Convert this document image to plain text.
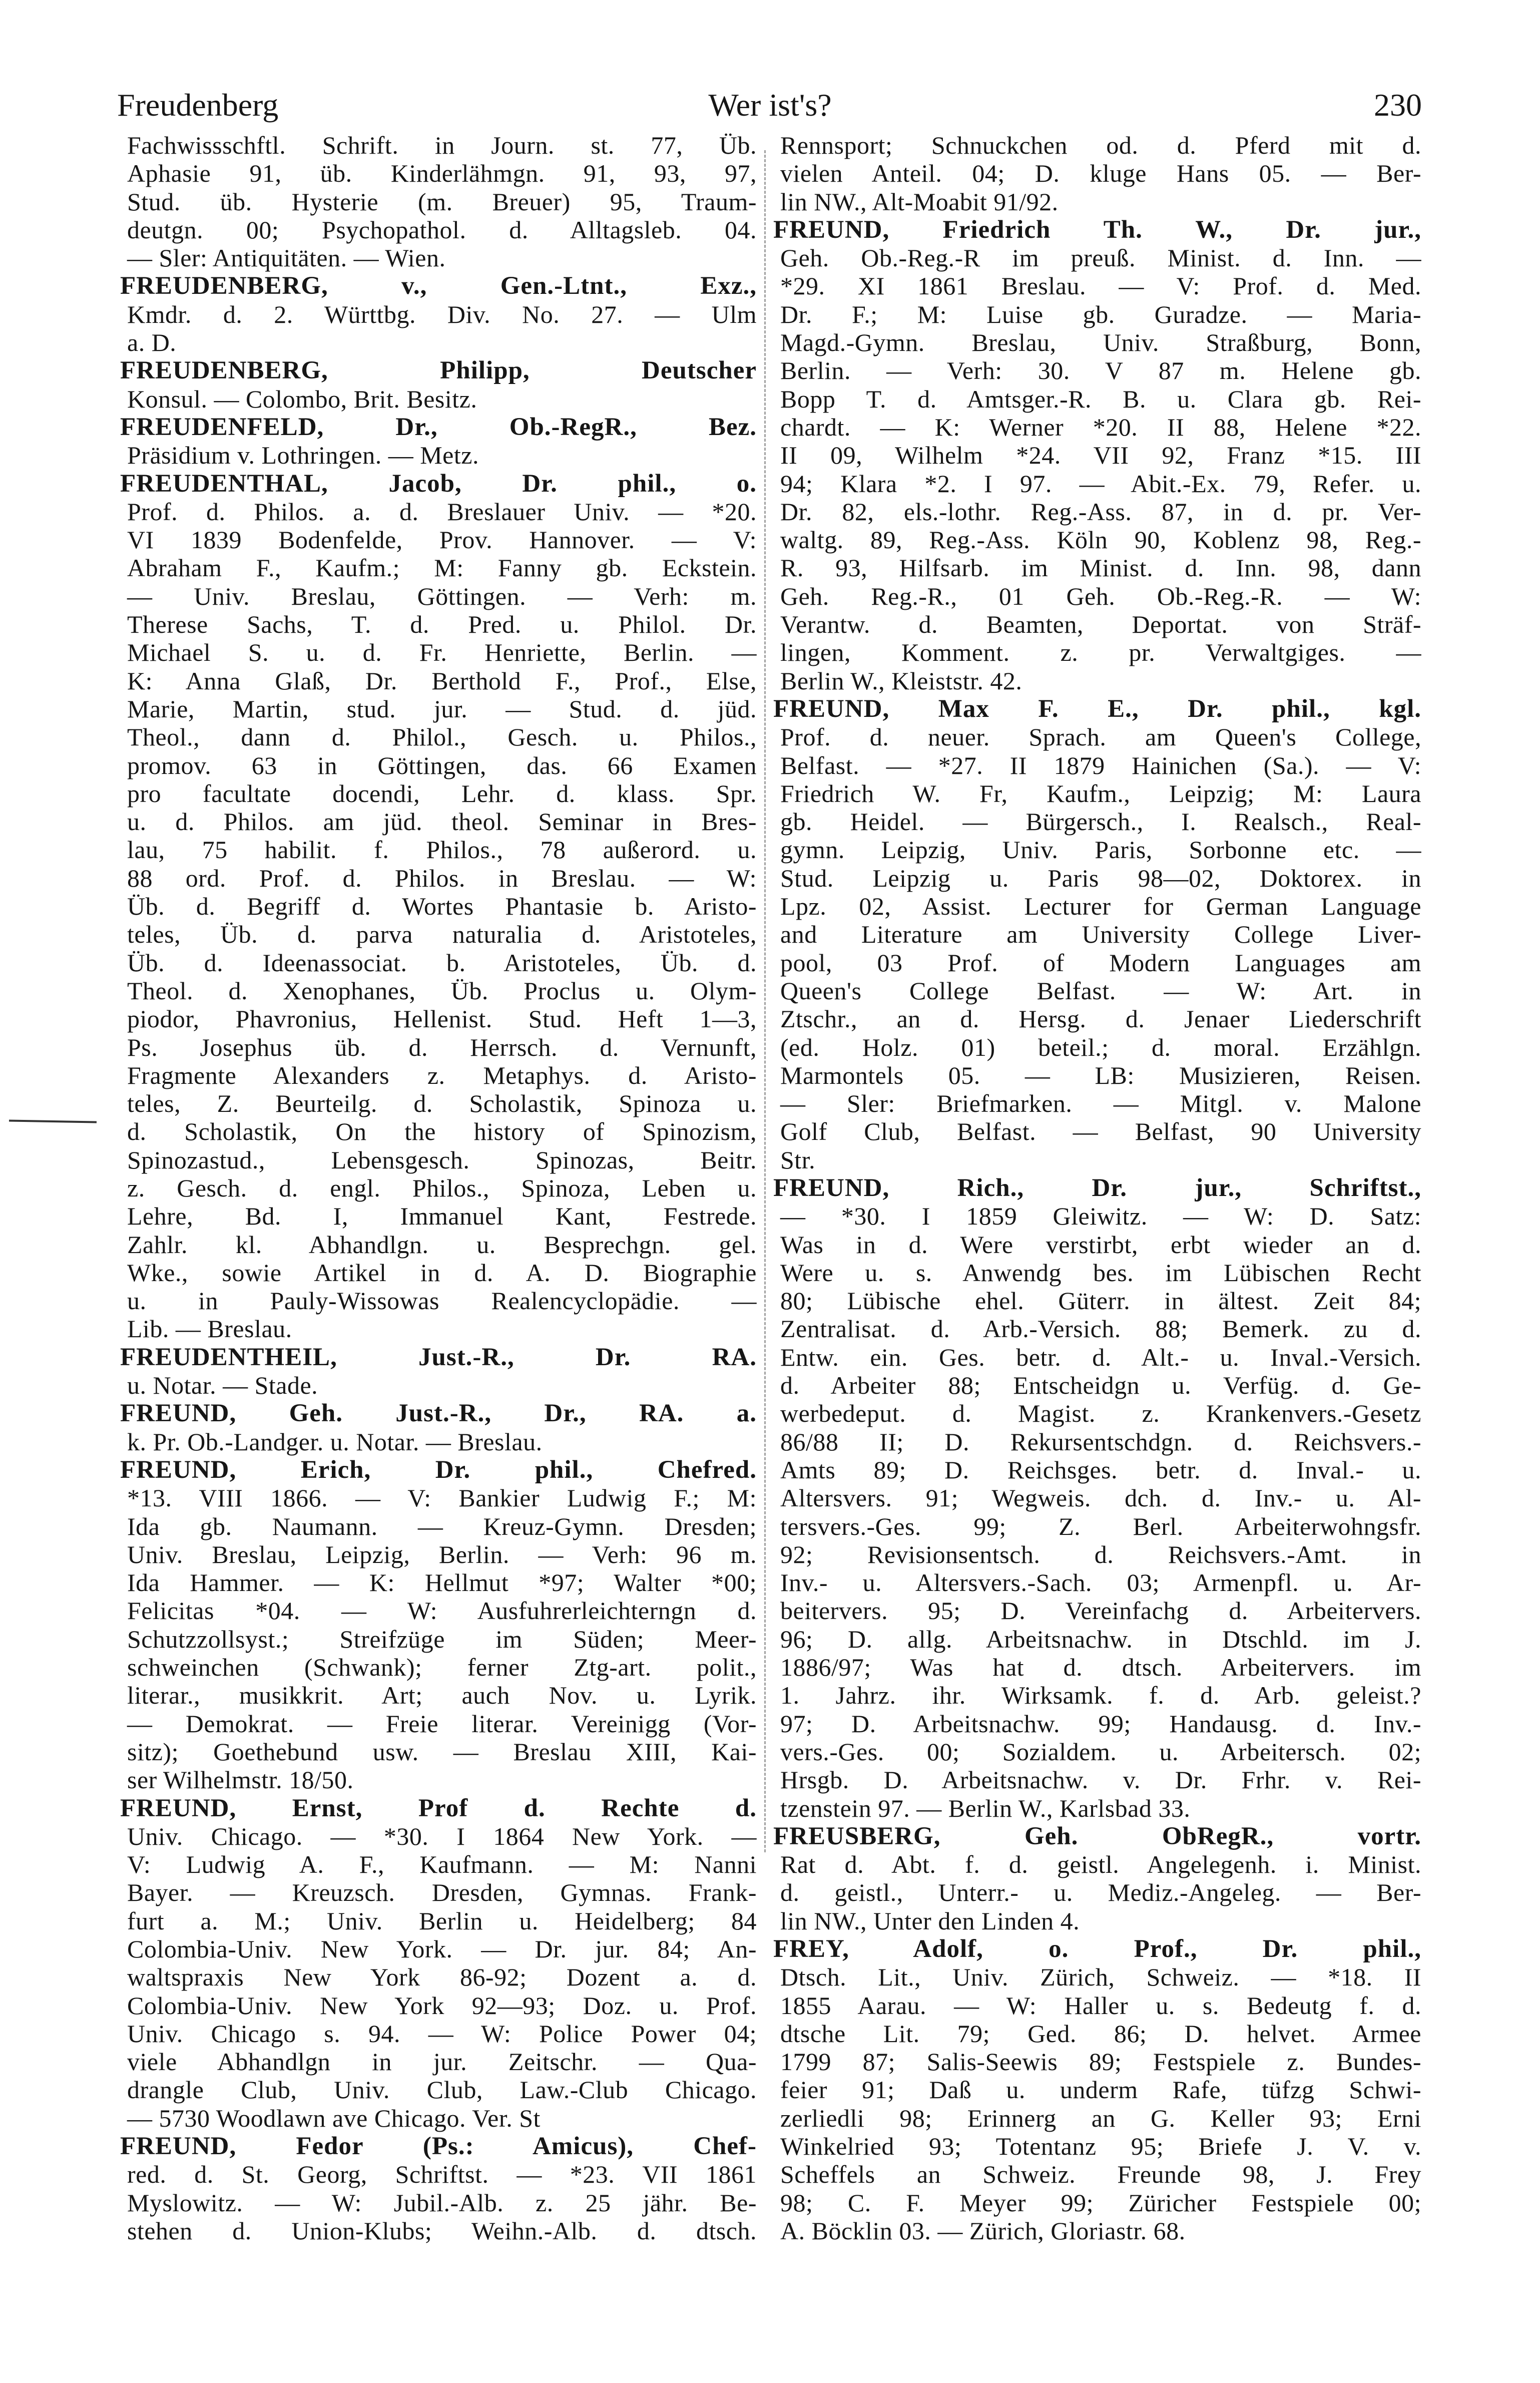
Freudenberg	Wer ist's?	230
Fachwissschftl. Schrift. in Journ. st. 77, Üb.
Aphasie 91, üb. Kinderlähmgn. 91, 93, 97,
Stud. üb. Hysterie (m. Breuer) 95, Traum-
deutgn. 00; Psychopathol. d. Alltagsleb. 04.
— Sler: Antiquitäten. — Wien.
FREUDENBERG, v., Gen.-Ltnt., Exz.,
Kmdr. d. 2. Württbg. Div. No. 27. — Ulm
a. D.
FREUDENBERG, Philipp, Deutscher
Konsul. — Colombo, Brit. Besitz.
FREUDENFELD, Dr., Ob.-RegR., Bez.
Präsidium v. Lothringen. — Metz.
FREUDENTHAL, Jacob, Dr. phil., o.
Prof. d. Philos. a. d. Breslauer Univ. — *20.
VI 1839 Bodenfelde, Prov. Hannover. — V:
Abraham F., Kaufm.; M: Fanny gb. Eckstein.
— Univ. Breslau, Göttingen. — Verh: m.
Therese Sachs, T. d. Pred. u. Philol. Dr.
Michael S. u. d. Fr. Henriette, Berlin. —
K: Anna Glaß, Dr. Berthold F., Prof., Else,
Marie, Martin, stud. jur. — Stud. d. jüd.
Theol., dann d. Philol., Gesch. u. Philos.,
promov. 63 in Göttingen, das. 66 Examen
pro facultate docendi, Lehr. d. klass. Spr.
u. d. Philos. am jüd. theol. Seminar in Bres-
lau, 75 habilit. f. Philos., 78 außerord. u.
88 ord. Prof. d. Philos. in Breslau. — W:
Üb. d. Begriff d. Wortes Phantasie b. Aristo-
teles, Üb. d. parva naturalia d. Aristoteles,
Üb. d. Ideenassociat. b. Aristoteles, Üb. d.
Theol. d. Xenophanes, Üb. Proclus u. Olym-
piodor, Phavronius, Hellenist. Stud. Heft 1—3,
Ps. Josephus üb. d. Herrsch. d. Vernunft,
Fragmente Alexanders z. Metaphys. d. Aristo-
teles, Z. Beurteilg. d. Scholastik, Spinoza u.
d. Scholastik, On the history of Spinozism,
Spinozastud., Lebensgesch. Spinozas, Beitr.
z. Gesch. d. engl. Philos., Spinoza, Leben u.
Lehre, Bd. I, Immanuel Kant, Festrede.
Zahlr. kl. Abhandlgn. u. Besprechgn. gel.
Wke., sowie Artikel in d. A. D. Biographie
u. in Pauly-Wissowas Realencyclopädie. —
Lib. — Breslau.
FREUDENTHEIL, Just.-R., Dr. RA.
u. Notar. — Stade.
FREUND, Geh. Just.-R., Dr., RA. a.
k. Pr. Ob.-Landger. u. Notar. — Breslau.
FREUND, Erich, Dr. phil., Chefred.
*13. VIII 1866. — V: Bankier Ludwig F.; M:
Ida gb. Naumann. — Kreuz-Gymn. Dresden;
Univ. Breslau, Leipzig, Berlin. — Verh: 96 m.
Ida Hammer. — K: Hellmut *97; Walter *00;
Felicitas *04. — W: Ausfuhrerleichterngn d.
Schutzzollsyst.; Streifzüge im Süden; Meer-
schweinchen (Schwank); ferner Ztg-art. polit.,
literar., musikkrit. Art; auch Nov. u. Lyrik.
— Demokrat. — Freie literar. Vereinigg (Vor-
sitz); Goethebund usw. — Breslau XIII, Kai-
ser Wilhelmstr. 18/50.
FREUND, Ernst, Prof d. Rechte d.
Univ. Chicago. — *30. I 1864 New York. —
V: Ludwig A. F., Kaufmann. — M: Nanni
Bayer. — Kreuzsch. Dresden, Gymnas. Frank-
furt a. M.; Univ. Berlin u. Heidelberg; 84
Colombia-Univ. New York. — Dr. jur. 84; An-
waltspraxis New York 86-92; Dozent a. d.
Colombia-Univ. New York 92—93; Doz. u. Prof.
Univ. Chicago s. 94. — W: Police Power 04;
viele Abhandlgn in jur. Zeitschr. — Qua-
drangle Club, Univ. Club, Law.-Club Chicago.
— 5730 Woodlawn ave Chicago. Ver. St
FREUND, Fedor (Ps.: Amicus), Chef-
red. d. St. Georg, Schriftst. — *23. VII 1861
Myslowitz. — W: Jubil.-Alb. z. 25 jähr. Be-
stehen d. Union-Klubs; Weihn.-Alb. d. dtsch.
Rennsport; Schnuckchen od. d. Pferd mit d.
vielen Anteil. 04; D. kluge Hans 05. — Ber-
lin NW., Alt-Moabit 91/92.
FREUND, Friedrich Th. W., Dr. jur.,
Geh. Ob.-Reg.-R im preuß. Minist. d. Inn. —
*29. XI 1861 Breslau. — V: Prof. d. Med.
Dr. F.; M: Luise gb. Guradze. — Maria-
Magd.-Gymn. Breslau, Univ. Straßburg, Bonn,
Berlin. — Verh: 30. V 87 m. Helene gb.
Bopp T. d. Amtsger.-R. B. u. Clara gb. Rei-
chardt. — K: Werner *20. II 88, Helene *22.
II 09, Wilhelm *24. VII 92, Franz *15. III
94; Klara *2. I 97. — Abit.-Ex. 79, Refer. u.
Dr. 82, els.-lothr. Reg.-Ass. 87, in d. pr. Ver-
waltg. 89, Reg.-Ass. Köln 90, Koblenz 98, Reg.-
R. 93, Hilfsarb. im Minist. d. Inn. 98, dann
Geh. Reg.-R., 01 Geh. Ob.-Reg.-R. — W:
Verantw. d. Beamten, Deportat. von Sträf-
lingen, Komment. z. pr. Verwaltgiges. —
Berlin W., Kleiststr. 42.
FREUND, Max F. E., Dr. phil., kgl.
Prof. d. neuer. Sprach. am Queen's College,
Belfast. — *27. II 1879 Hainichen (Sa.). — V:
Friedrich W. Fr, Kaufm., Leipzig; M: Laura
gb. Heidel. — Bürgersch., I. Realsch., Real-
gymn. Leipzig, Univ. Paris, Sorbonne etc. —
Stud. Leipzig u. Paris 98—02, Doktorex. in
Lpz. 02, Assist. Lecturer for German Language
and Literature am University College Liver-
pool, 03 Prof. of Modern Languages am
Queen's College Belfast. — W: Art. in
Ztschr., an d. Hersg. d. Jenaer Liederschrift
(ed. Holz. 01) beteil.; d. moral. Erzählgn.
Marmontels 05. — LB: Musizieren, Reisen.
— Sler: Briefmarken. — Mitgl. v. Malone
Golf Club, Belfast. — Belfast, 90 University
Str.
FREUND, Rich., Dr. jur., Schriftst.,
— *30. I 1859 Gleiwitz. — W: D. Satz:
Was in d. Were verstirbt, erbt wieder an d.
Were u. s. Anwendg bes. im Lübischen Recht
80; Lübische ehel. Güterr. in ältest. Zeit 84;
Zentralisat. d. Arb.-Versich. 88; Bemerk. zu d.
Entw. ein. Ges. betr. d. Alt.- u. Inval.-Versich.
d. Arbeiter 88; Entscheidgn u. Verfüg. d. Ge-
werbedeput. d. Magist. z. Krankenvers.-Gesetz
86/88 II; D. Rekursentschdgn. d. Reichsvers.-
Amts 89; D. Reichsges. betr. d. Inval.- u.
Altersvers. 91; Wegweis. dch. d. Inv.- u. Al-
tersvers.-Ges. 99; Z. Berl. Arbeiterwohngsfr.
92; Revisionsentsch. d. Reichsvers.-Amt. in
Inv.- u. Altersvers.-Sach. 03; Armenpfl. u. Ar-
beitervers. 95; D. Vereinfachg d. Arbeitervers.
96; D. allg. Arbeitsnachw. in Dtschld. im J.
1886/97; Was hat d. dtsch. Arbeitervers. im
1. Jahrz. ihr. Wirksamk. f. d. Arb. geleist.?
97; D. Arbeitsnachw. 99; Handausg. d. Inv.-
vers.-Ges. 00; Sozialdem. u. Arbeitersch. 02;
Hrsgb. D. Arbeitsnachw. v. Dr. Frhr. v. Rei-
tzenstein 97. — Berlin W., Karlsbad 33.
FREUSBERG, Geh. ObRegR., vortr.
Rat d. Abt. f. d. geistl. Angelegenh. i. Minist.
d. geistl., Unterr.- u. Mediz.-Angeleg. — Ber-
lin NW., Unter den Linden 4.
FREY, Adolf, o. Prof., Dr. phil.,
Dtsch. Lit., Univ. Zürich, Schweiz. — *18. II
1855 Aarau. — W: Haller u. s. Bedeutg f. d.
dtsche Lit. 79; Ged. 86; D. helvet. Armee
1799 87; Salis-Seewis 89; Festspiele z. Bundes-
feier 91; Daß u. underm Rafe, tüfzg Schwi-
zerliedli 98; Erinnerg an G. Keller 93; Erni
Winkelried 93; Totentanz 95; Briefe J. V. v.
Scheffels an Schweiz. Freunde 98, J. Frey
98; C. F. Meyer 99; Züricher Festspiele 00;
A. Böcklin 03. — Zürich, Gloriastr. 68.
